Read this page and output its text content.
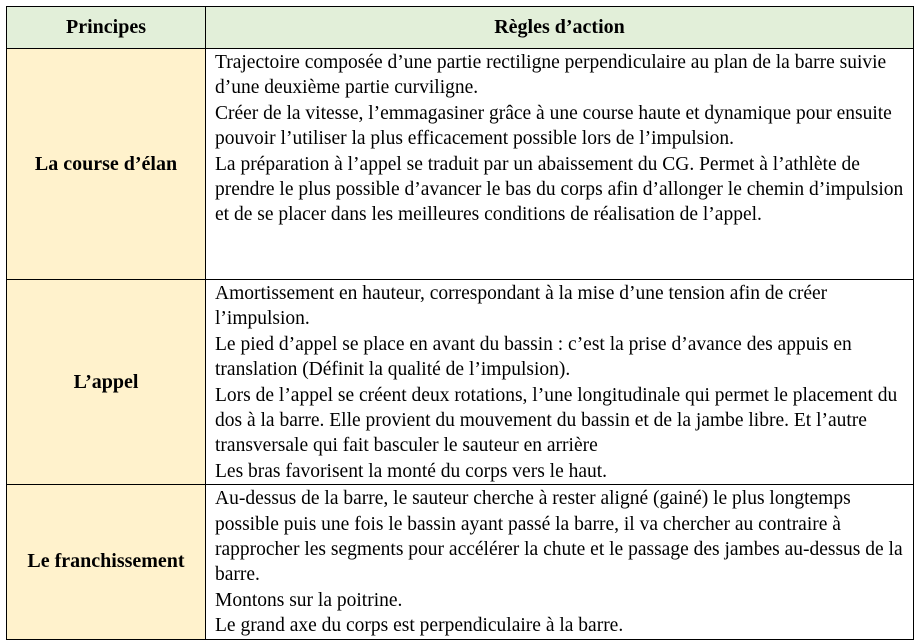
Principes	Règles d’action
La course d’élan	Trajectoire composée d’une partie rectiligne perpendiculaire au plan de la barre suivie d’une deuxième partie curviligne.

Créer de la vitesse, l’emmagasiner grâce à une course haute et dynamique pour ensuite pouvoir l’utiliser la plus efficacement possible lors de l’impulsion.

La préparation à l’appel se traduit par un abaissement du CG. Permet à l’athlète de prendre le plus possible d’avancer le bas du corps afin d’allonger le chemin d’impulsion et de se placer dans les meilleures conditions de réalisation de l’appel.

L’appel	Amortissement en hauteur, correspondant à la mise d’une tension afin de créer l’impulsion.

Le pied d’appel se place en avant du bassin : c’est la prise d’avance des appuis en translation (Définit la qualité de l’impulsion).

Lors de l’appel se créent deux rotations, l’une longitudinale qui permet le placement du dos à la barre. Elle provient du mouvement du bassin et de la jambe libre. Et l’autre transversale qui fait basculer le sauteur en arrière

Les bras favorisent la monté du corps vers le haut.

Le franchissement	Au-dessus de la barre, le sauteur cherche à rester aligné (gainé) le plus longtemps possible puis une fois le bassin ayant passé la barre, il va chercher au contraire à rapprocher les segments pour accélérer la chute et le passage des jambes au-dessus de la barre.

Montons sur la poitrine.

Le grand axe du corps est perpendiculaire à la barre.
